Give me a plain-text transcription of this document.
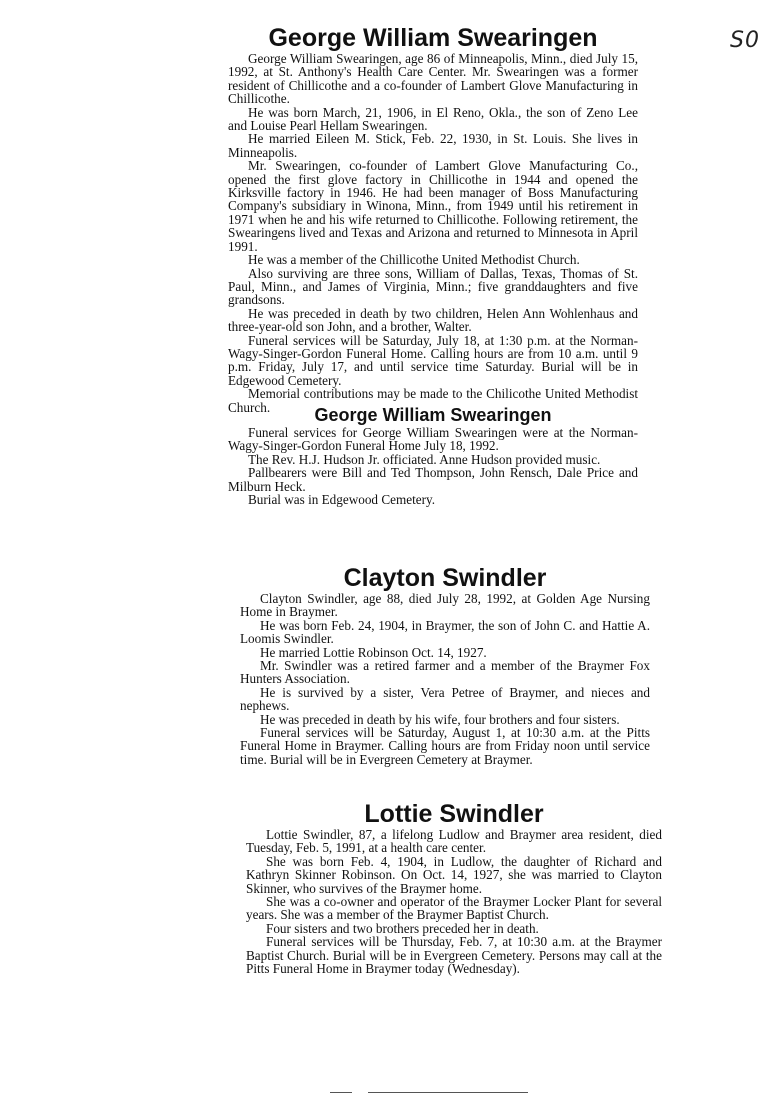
S0
George William Swearingen

George William Swearingen, age 86 of Minneapolis, Minn., died July 15, 1992, at St. Anthony's Health Care Center. Mr. Swearingen was a former resident of Chillicothe and a co-founder of Lambert Glove Manufacturing in Chillicothe.

He was born March, 21, 1906, in El Reno, Okla., the son of Zeno Lee and Louise Pearl Hellam Swearingen.

He married Eileen M. Stick, Feb. 22, 1930, in St. Louis. She lives in Minneapolis.

Mr. Swearingen, co-founder of Lambert Glove Manufacturing Co., opened the first glove factory in Chillicothe in 1944 and opened the Kirksville factory in 1946. He had been manager of Boss Manufacturing Company's subsidiary in Winona, Minn., from 1949 until his retirement in 1971 when he and his wife returned to Chillicothe. Following retirement, the Swearingens lived and Texas and Arizona and returned to Minnesota in April 1991.

He was a member of the Chillicothe United Methodist Church.

Also surviving are three sons, William of Dallas, Texas, Thomas of St. Paul, Minn., and James of Virginia, Minn.; five granddaughters and five grandsons.

He was preceded in death by two children, Helen Ann Wohlenhaus and three-year-old son John, and a brother, Walter.

Funeral services will be Saturday, July 18, at 1:30 p.m. at the Norman-Wagy-Singer-Gordon Funeral Home. Calling hours are from 10 a.m. until 9 p.m. Friday, July 17, and until service time Saturday. Burial will be in Edgewood Cemetery.

Memorial contributions may be made to the Chilicothe United Methodist Church.	George William Swearingen

Funeral services for George William Swearingen were at the Norman-Wagy-Singer-Gordon Funeral Home July 18, 1992.

The Rev. H.J. Hudson Jr. officiated. Anne Hudson provided music.

Pallbearers were Bill and Ted Thompson, John Rensch, Dale Price and Milburn Heck.

Burial was in Edgewood Cemetery.

Clayton Swindler

Clayton Swindler, age 88, died July 28, 1992, at Golden Age Nursing Home in Braymer.

He was born Feb. 24, 1904, in Braymer, the son of John C. and Hattie A. Loomis Swindler.

He married Lottie Robinson Oct. 14, 1927.

Mr. Swindler was a retired farmer and a member of the Braymer Fox Hunters Association.

He is survived by a sister, Vera Petree of Braymer, and nieces and nephews.

He was preceded in death by his wife, four brothers and four sisters.

Funeral services will be Saturday, August 1, at 10:30 a.m. at the Pitts Funeral Home in Braymer. Calling hours are from Friday noon until service time. Burial will be in Evergreen Cemetery at Braymer.

Lottie Swindler

Lottie Swindler, 87, a lifelong Ludlow and Braymer area resident, died Tuesday, Feb. 5, 1991, at a health care center.

She was born Feb. 4, 1904, in Ludlow, the daughter of Richard and Kathryn Skinner Robinson. On Oct. 14, 1927, she was married to Clayton Skinner, who survives of the Braymer home.

She was a co-owner and operator of the Braymer Locker Plant for several years. She was a member of the Braymer Baptist Church.

Four sisters and two brothers preceded her in death.

Funeral services will be Thursday, Feb. 7, at 10:30 a.m. at the Braymer Baptist Church. Burial will be in Evergreen Cemetery. Persons may call at the Pitts Funeral Home in Braymer today (Wednesday).
